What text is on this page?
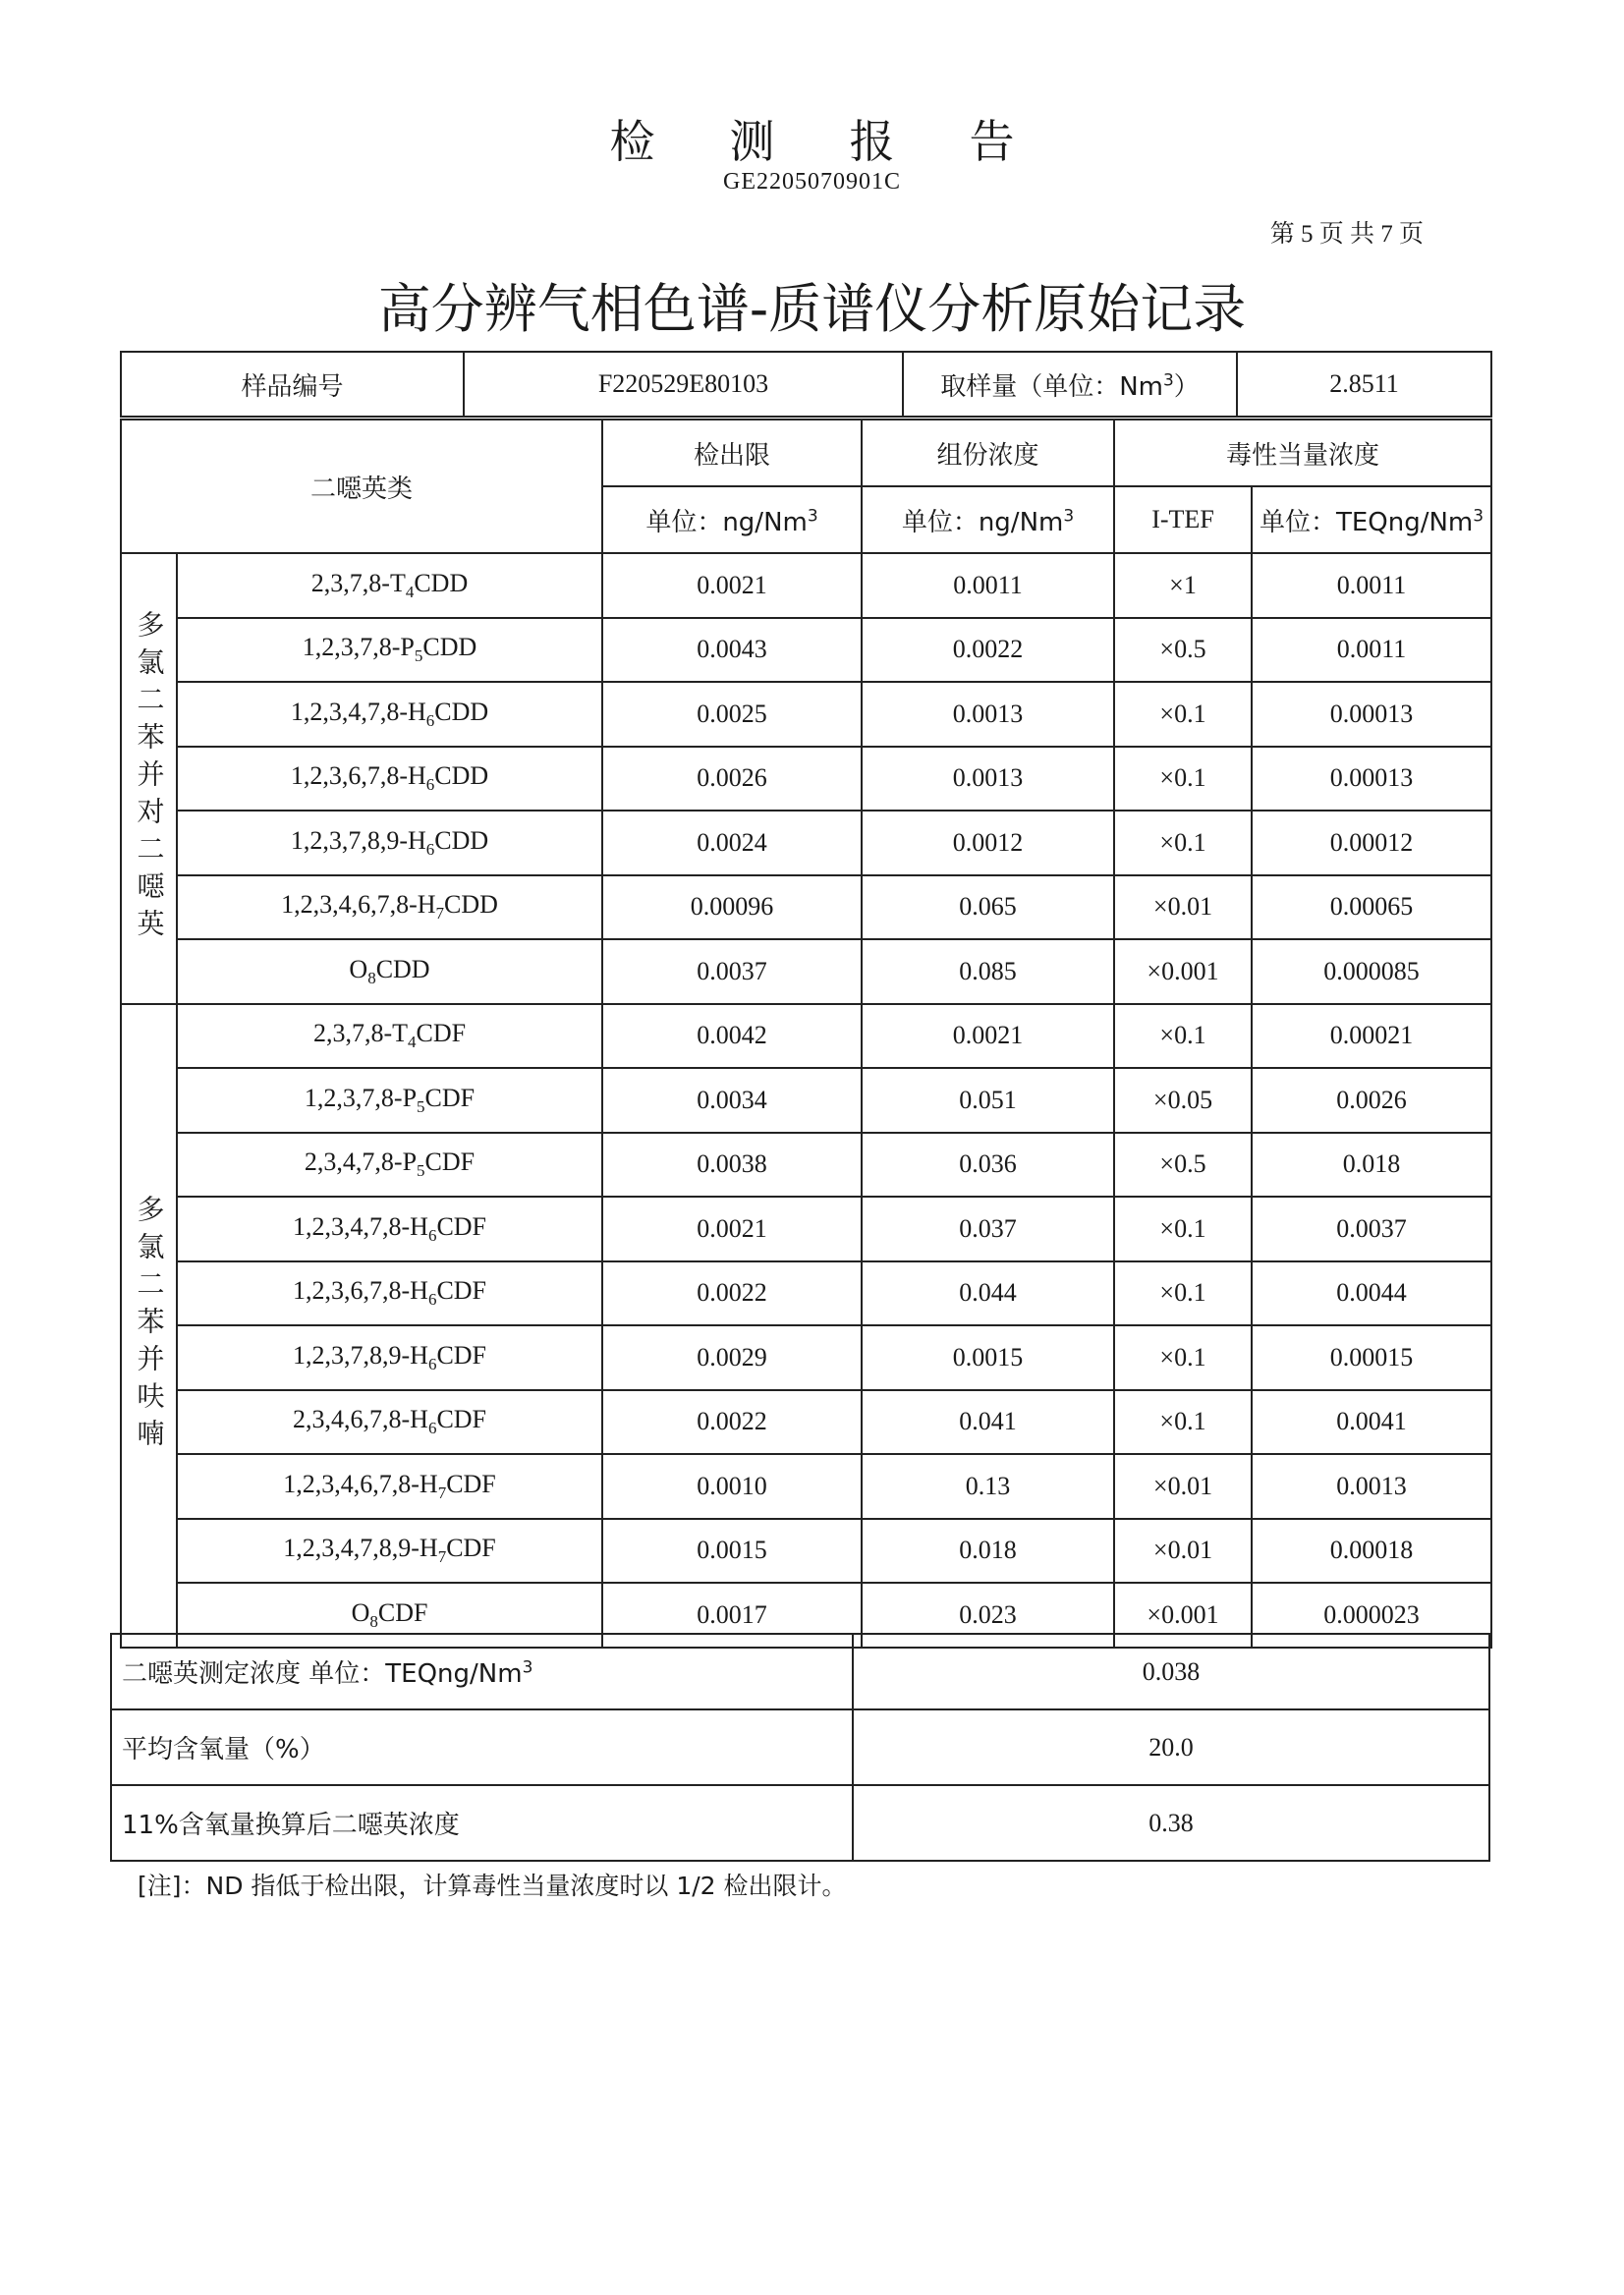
检 测 报 告
GE2205070901C
第 5 页 共 7 页
高分辨气相色谱-质谱仪分析原始记录
样品编号	F220529E80103	取样量（单位：Nm$^3$）	2.8511
二噁英类		检出限	组份浓度	毒性当量浓度	
		单位：ng/Nm$^3$	单位：ng/Nm$^3$	I-TEF	单位：TEQng/Nm$^3$
多氯二苯并对二噁英	$2,3,7,8-T_4CDD$	0.0021	0.0011	×1	0.0011
	$1,2,3,7,8-P_5CDD$	0.0043	0.0022	×0.5	0.0011
	$1,2,3,4,7,8-H_6CDD$	0.0025	0.0013	×0.1	0.00013
	$1,2,3,6,7,8-H_6CDD$	0.0026	0.0013	×0.1	0.00013
	$1,2,3,7,8,9-H_6CDD$	0.0024	0.0012	×0.1	0.00012
	$1,2,3,4,6,7,8-H_7CDD$	0.00096	0.065	×0.01	0.00065
	$O_8CDD$	0.0037	0.085	×0.001	0.000085
多氯二苯并呋喃	$2,3,7,8-T_4CDF$	0.0042	0.0021	×0.1	0.00021
	$1,2,3,7,8-P_5CDF$	0.0034	0.051	×0.05	0.0026
	$2,3,4,7,8-P_5CDF$	0.0038	0.036	×0.5	0.018
	$1,2,3,4,7,8-H_6CDF$	0.0021	0.037	×0.1	0.0037
	$1,2,3,6,7,8-H_6CDF$	0.0022	0.044	×0.1	0.0044
	$1,2,3,7,8,9-H_6CDF$	0.0029	0.0015	×0.1	0.00015
	$2,3,4,6,7,8-H_6CDF$	0.0022	0.041	×0.1	0.0041
	$1,2,3,4,6,7,8-H_7CDF$	0.0010	0.13	×0.01	0.0013
	$1,2,3,4,7,8,9-H_7CDF$	0.0015	0.018	×0.01	0.00018
	$O_8CDF$	0.0017	0.023	×0.001	0.000023
二噁英测定浓度 单位：TEQng/Nm$^3$	0.038
平均含氧量（%）	20.0
11%含氧量换算后二噁英浓度	0.38
[注]：ND 指低于检出限，计算毒性当量浓度时以 1/2 检出限计。
